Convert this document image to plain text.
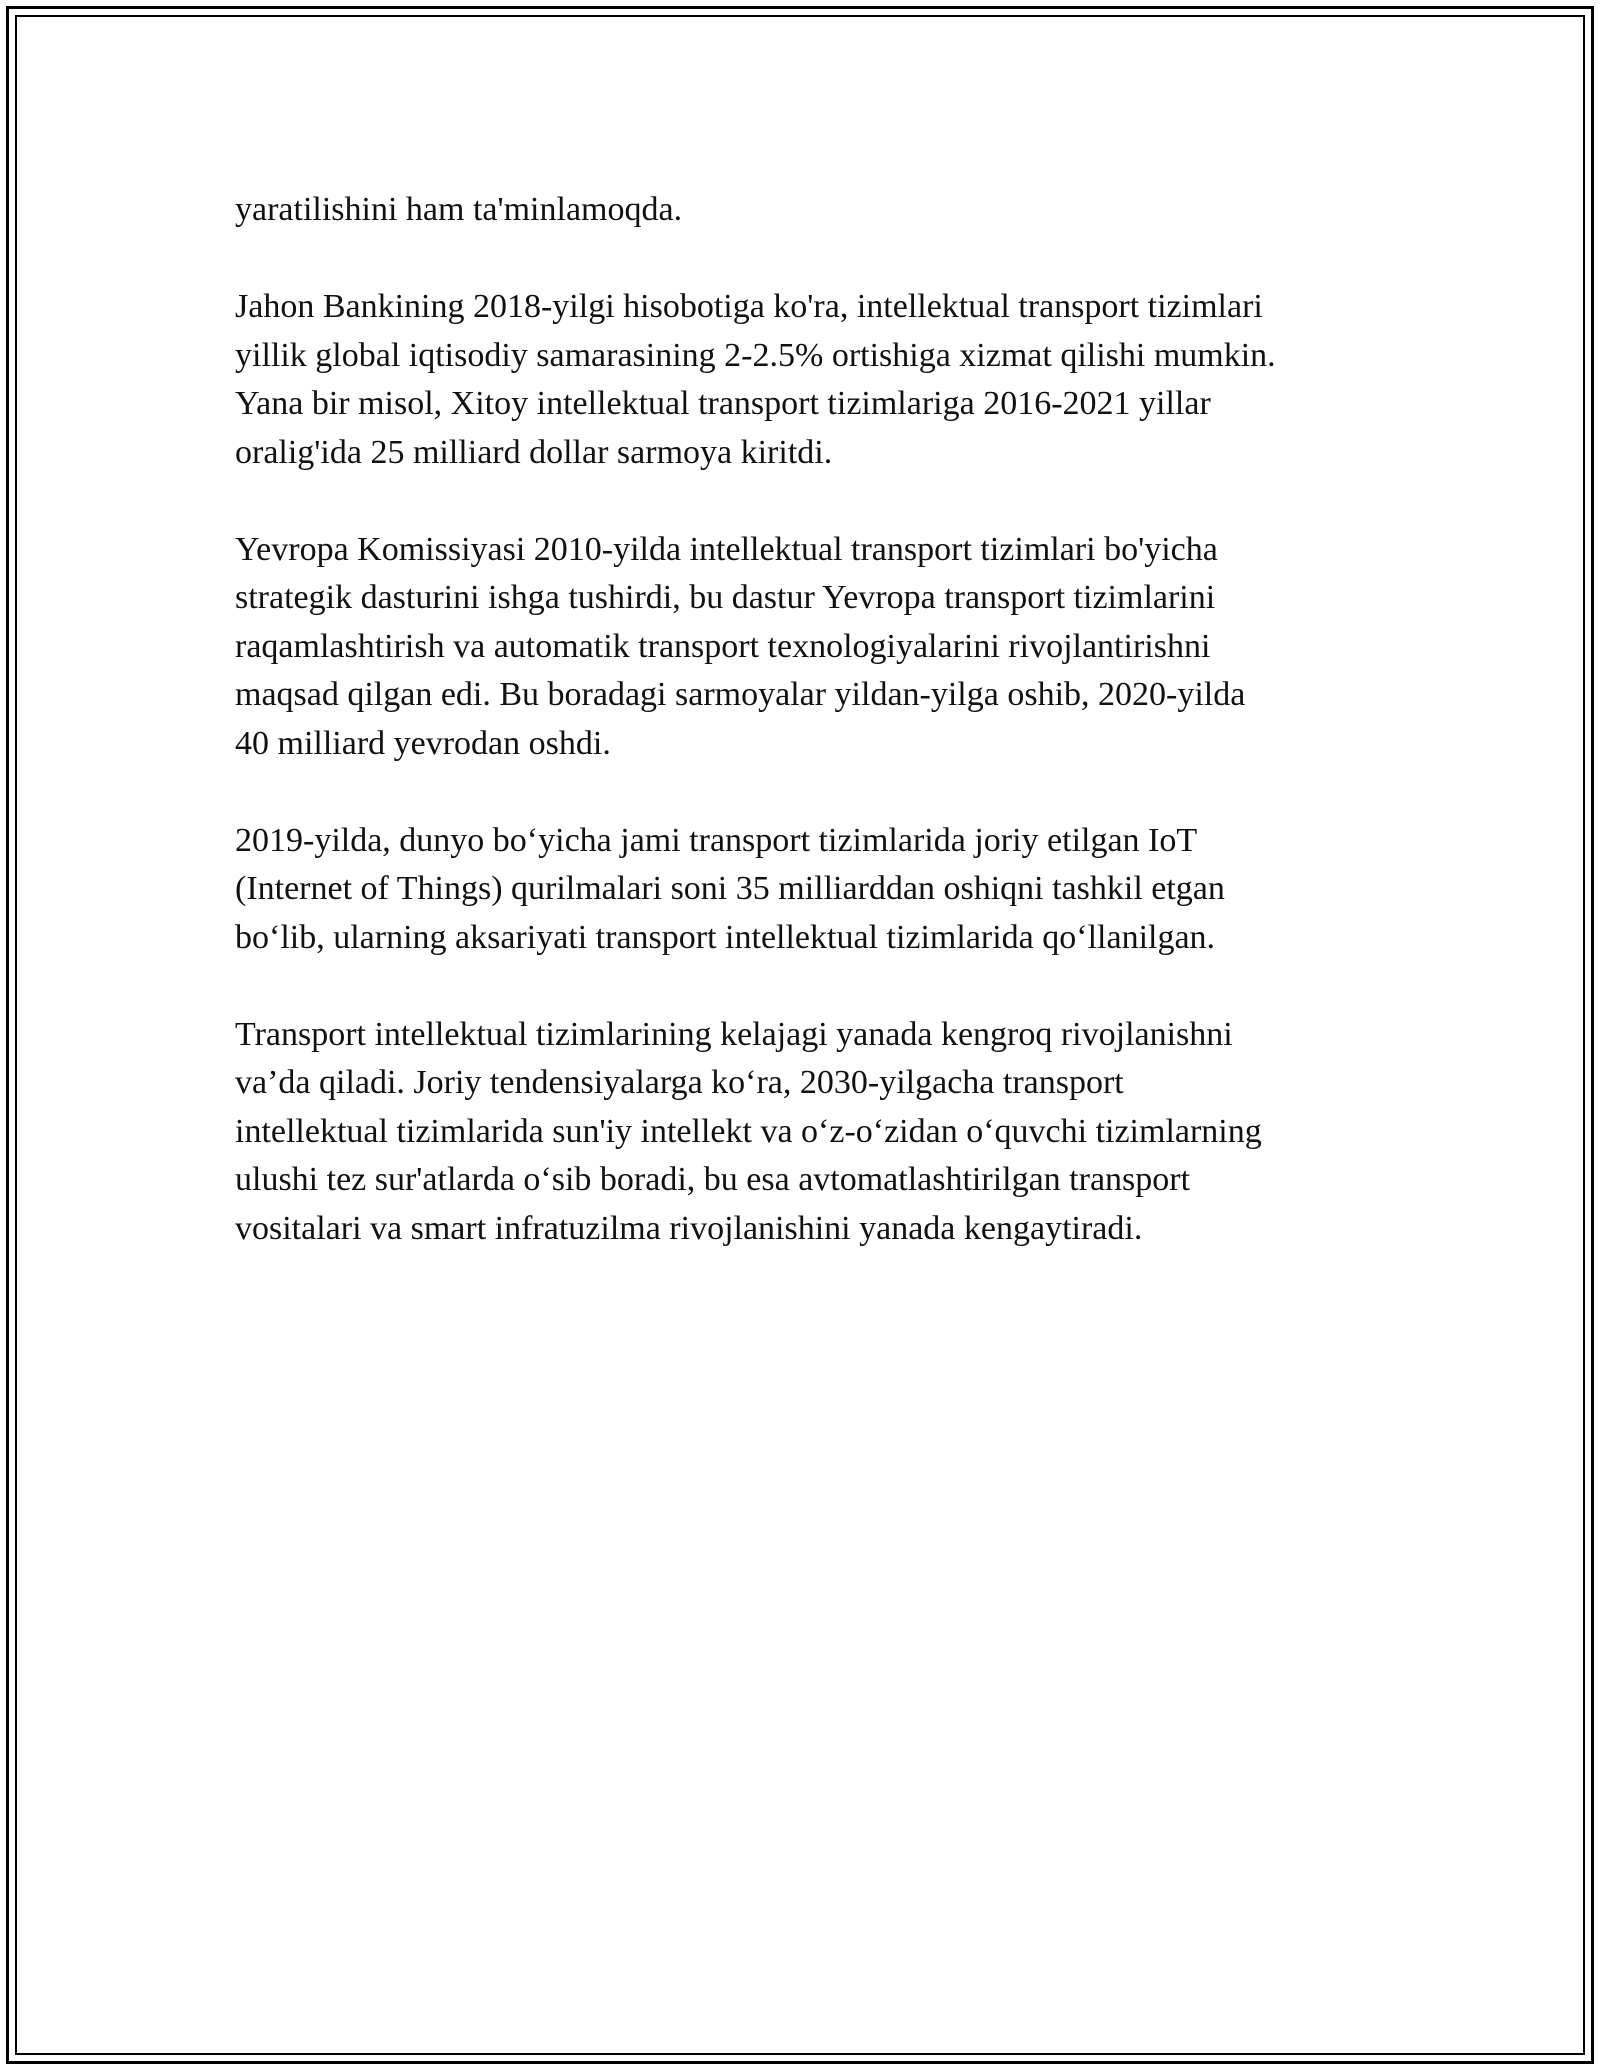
yaratilishini ham ta'minlamoqda.

Jahon Bankining 2018-yilgi hisobotiga ko'ra, intellektual transport tizimlari
yillik global iqtisodiy samarasining 2-2.5% ortishiga xizmat qilishi mumkin.
Yana bir misol, Xitoy intellektual transport tizimlariga 2016-2021 yillar
oralig'ida 25 milliard dollar sarmoya kiritdi.

Yevropa Komissiyasi 2010-yilda intellektual transport tizimlari bo'yicha
strategik dasturini ishga tushirdi, bu dastur Yevropa transport tizimlarini
raqamlashtirish va automatik transport texnologiyalarini rivojlantirishni
maqsad qilgan edi. Bu boradagi sarmoyalar yildan-yilga oshib, 2020-yilda
40 milliard yevrodan oshdi.

2019-yilda, dunyo bo‘yicha jami transport tizimlarida joriy etilgan IoT
(Internet of Things) qurilmalari soni 35 milliarddan oshiqni tashkil etgan
bo‘lib, ularning aksariyati transport intellektual tizimlarida qo‘llanilgan.

Transport intellektual tizimlarining kelajagi yanada kengroq rivojlanishni
va’da qiladi. Joriy tendensiyalarga ko‘ra, 2030-yilgacha transport
intellektual tizimlarida sun'iy intellekt va o‘z-o‘zidan o‘quvchi tizimlarning
ulushi tez sur'atlarda o‘sib boradi, bu esa avtomatlashtirilgan transport
vositalari va smart infratuzilma rivojlanishini yanada kengaytiradi.
